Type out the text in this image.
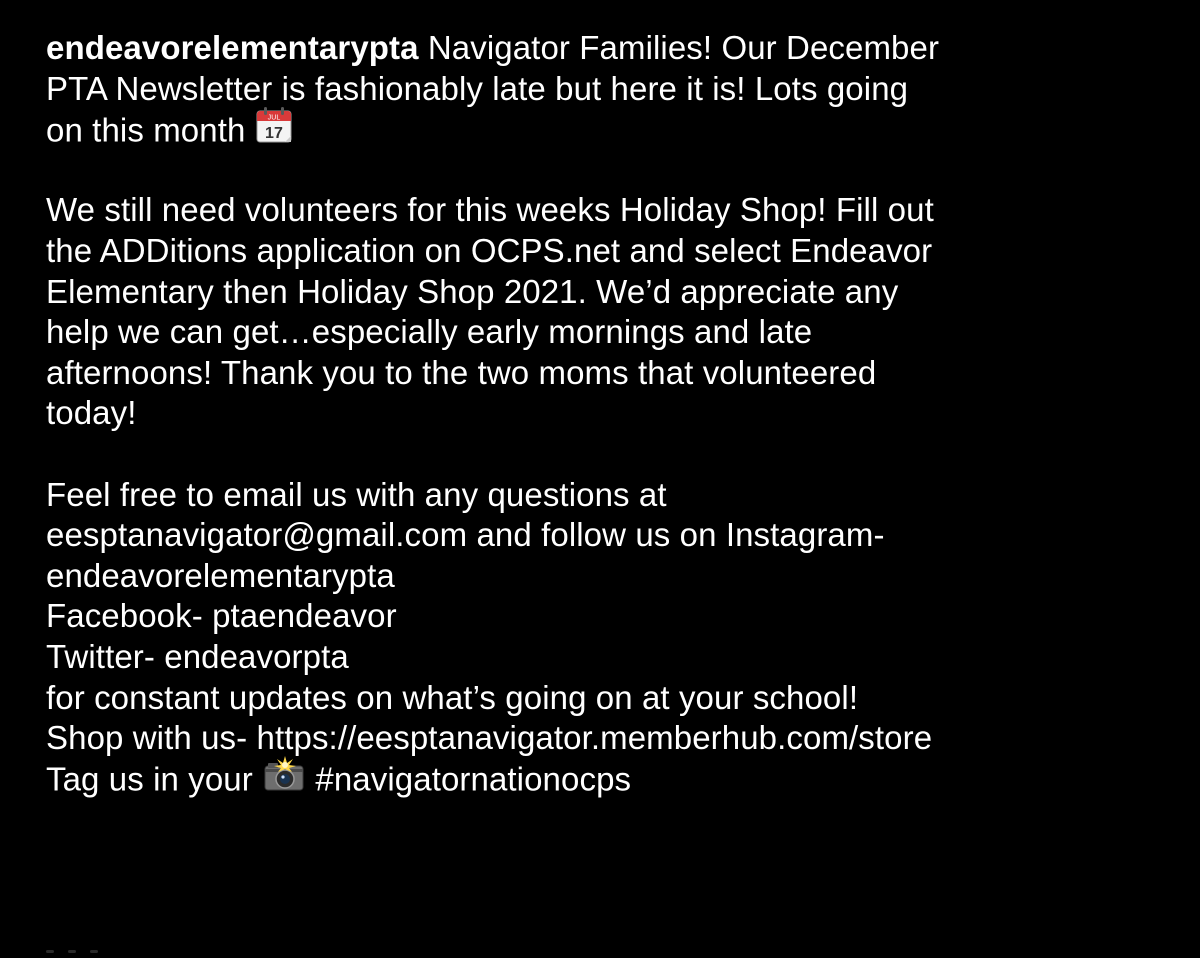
endeavorelementarypta Navigator Families! Our December
PTA Newsletter is fashionably late but here it is! Lots going
on this month JUL
17
We still need volunteers for this weeks Holiday Shop! Fill out
the ADDitions application on OCPS.net and select Endeavor
Elementary then Holiday Shop 2021. We’d appreciate any
help we can get…especially early mornings and late
afternoons! Thank you to the two moms that volunteered
today!
Feel free to email us with any questions at
eesptanavigator@gmail.com and follow us on Instagram-
endeavorelementarypta
Facebook- ptaendeavor
Twitter- endeavorpta
for constant updates on what’s going on at your school!
Shop with us- https://eesptanavigator.memberhub.com/store
Tag us in your  #navigatornationocps
